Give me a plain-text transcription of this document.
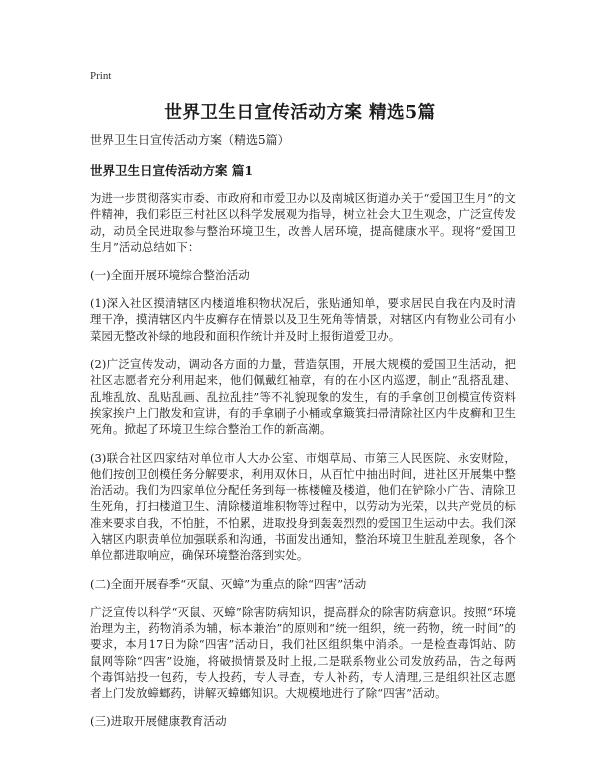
Print
世界卫生日宣传活动方案 精选5篇
世界卫生日宣传活动方案（精选5篇）
世界卫生日宣传活动方案 篇1

为进一步贯彻落实市委、市政府和市爱卫办以及南城区街道办关于“爱国卫生月”的文件精神，我们彩臣三村社区以科学发展观为指导，树立社会大卫生观念，广泛宣传发动，动员全民进取参与整治环境卫生，改善人居环境，提高健康水平。现将“爱国卫生月”活动总结如下：

(一)全面开展环境综合整治活动

(1)深入社区摸清辖区内楼道堆积物状况后，张贴通知单，要求居民自我在内及时清理干净，摸清辖区内牛皮癣存在情景以及卫生死角等情景，对辖区内有物业公司有小菜园无整改补绿的地段和面积作统计并及时上报街道爱卫办。

(2)广泛宣传发动，调动各方面的力量，营造氛围，开展大规模的爱国卫生活动，把社区志愿者充分利用起来，他们佩戴红袖章，有的在小区内巡逻，制止“乱搭乱建、乱堆乱放、乱贴乱画、乱拉乱挂”等不礼貌现象的发生，有的手拿创卫创模宣传资料挨家挨户上门散发和宣讲，有的手拿刷子小桶或拿簸箕扫帚清除社区内牛皮癣和卫生死角。掀起了环境卫生综合整治工作的新高潮。

(3)联合社区四家结对单位市人大办公室、市烟草局、市第三人民医院、永安财险，他们按创卫创模任务分解要求，利用双休日，从百忙中抽出时间，进社区开展集中整治活动。我们为四家单位分配任务到每一栋楼幢及楼道，他们在铲除小广告、清除卫生死角，打扫楼道卫生、清除楼道堆积物等过程中，以劳动为光荣，以共产党员的标准来要求自我，不怕脏，不怕累，进取投身到轰轰烈烈的爱国卫生运动中去。我们深入辖区内职责单位加强联系和沟通，书面发出通知，整治环境卫生脏乱差现象，各个单位都进取响应，确保环境整治落到实处。

(二)全面开展春季“灭鼠、灭蟑”为重点的除“四害”活动

广泛宣传以科学“灭鼠、灭蟑”除害防病知识，提高群众的除害防病意识。按照“环境治理为主，药物消杀为辅，标本兼治”的原则和“统一组织，统一药物，统一时间”的要求，本月17日为除“四害”活动日，我们社区组织集中消杀。一是检查毒饵站、防鼠网等除“四害”设施，将破损情景及时上报,二是联系物业公司发放药品，告之每两个毒饵站投一包药，专人投药，专人寻查，专人补药，专人清理,三是组织社区志愿者上门发放蟑螂药，讲解灭蟑螂知识。大规模地进行了除“四害”活动。

(三)进取开展健康教育活动
